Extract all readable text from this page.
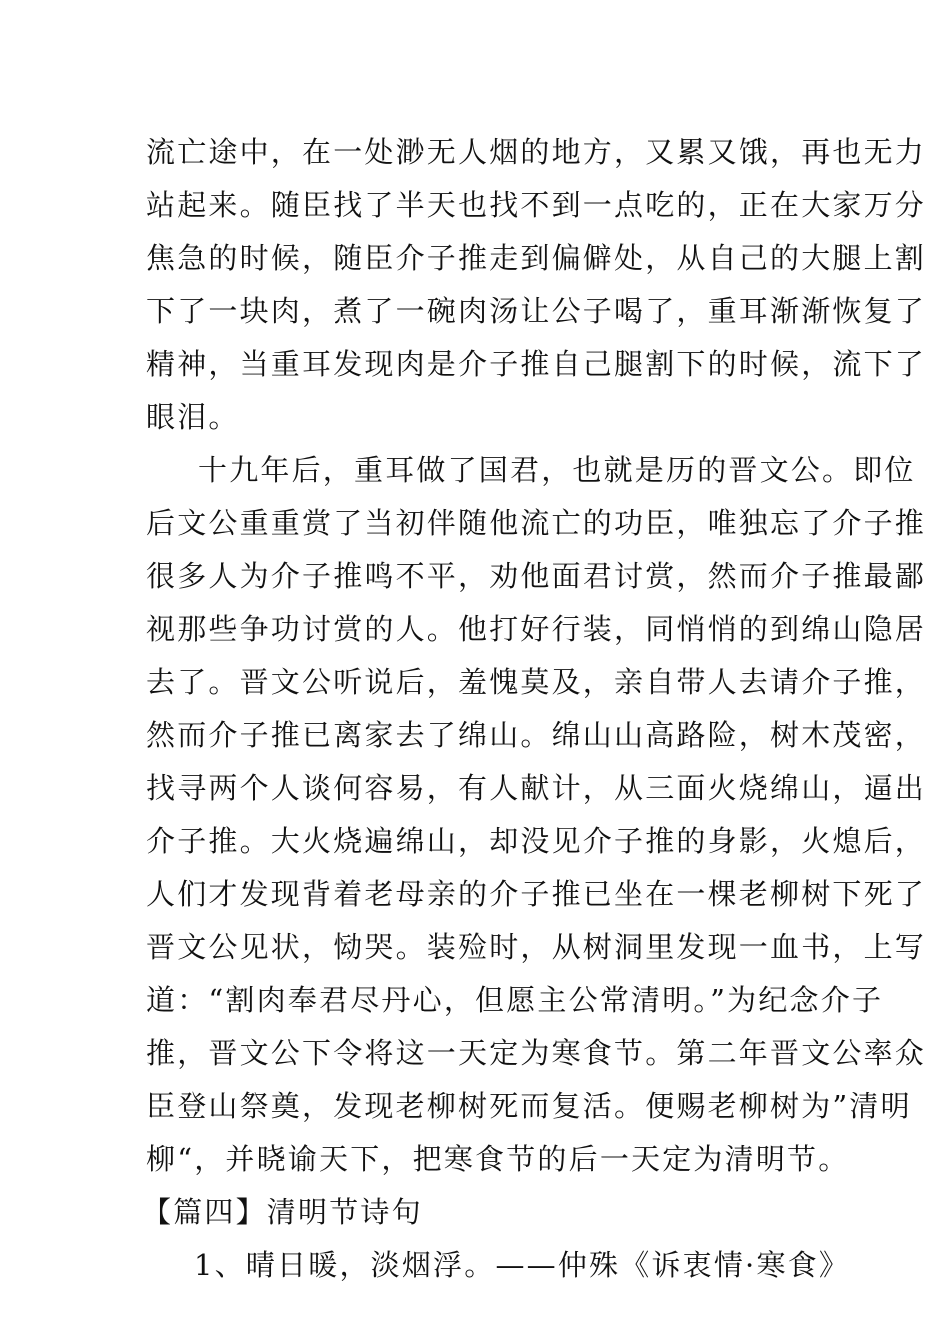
流亡途中，在一处渺无人烟的地方，又累又饿，再也无力
站起来。随臣找了半天也找不到一点吃的，正在大家万分
焦急的时候，随臣介子推走到偏僻处，从自己的大腿上割
下了一块肉，煮了一碗肉汤让公子喝了，重耳渐渐恢复了
精神，当重耳发现肉是介子推自己腿割下的时候，流下了
眼泪。
十九年后，重耳做了国君，也就是历的晋文公。即位
后文公重重赏了当初伴随他流亡的功臣，唯独忘了介子推
很多人为介子推鸣不平，劝他面君讨赏，然而介子推最鄙
视那些争功讨赏的人。他打好行装，同悄悄的到绵山隐居
去了。晋文公听说后，羞愧莫及，亲自带人去请介子推，
然而介子推已离家去了绵山。绵山山高路险，树木茂密，
找寻两个人谈何容易，有人献计，从三面火烧绵山，逼出
介子推。大火烧遍绵山，却没见介子推的身影，火熄后，
人们才发现背着老母亲的介子推已坐在一棵老柳树下死了
晋文公见状，恸哭。装殓时，从树洞里发现一血书，上写
道：“割肉奉君尽丹心，但愿主公常清明。”为纪念介子
推，晋文公下令将这一天定为寒食节。第二年晋文公率众
臣登山祭奠，发现老柳树死而复活。便赐老柳树为”清明
柳“，并晓谕天下，把寒食节的后一天定为清明节。
【篇四】清明节诗句
1、晴日暖，淡烟浮。——仲殊《诉衷情·寒食》
